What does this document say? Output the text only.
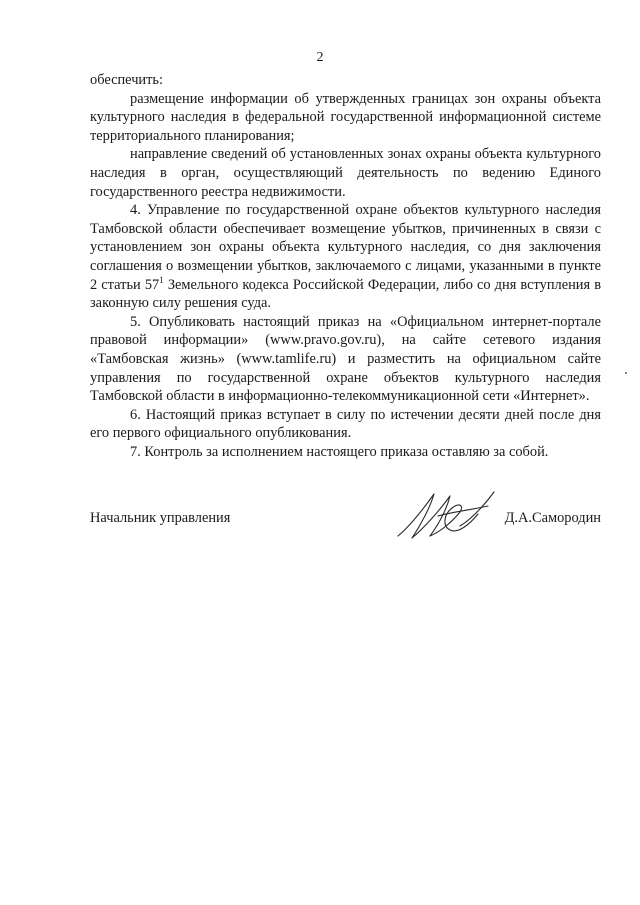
2

обеспечить:

размещение информации об утвержденных границах зон охраны объекта культурного наследия в федеральной государственной информационной системе территориального планирования;

направление сведений об установленных зонах охраны объекта культурного наследия в орган, осуществляющий деятельность по ведению Единого государственного реестра недвижимости.

4. Управление по государственной охране объектов культурного наследия Тамбовской области обеспечивает возмещение убытков, причиненных в связи с установлением зон охраны объекта культурного наследия, со дня заключения соглашения о возмещении убытков, заключаемого с лицами, указанными в пункте 2 статьи $57^1$ Земельного кодекса Российской Федерации, либо со дня вступления в законную силу решения суда.

5. Опубликовать настоящий приказ на «Официальном интернет-портале правовой информации» (www.pravo.gov.ru), на сайте сетевого издания «Тамбовская жизнь» (www.tamlife.ru) и разместить на официальном сайте управления по государственной охране объектов культурного наследия Тамбовской области в информационно-телекоммуникационной сети «Интернет».

6. Настоящий приказ вступает в силу по истечении десяти дней после дня его первого официального опубликования.

7. Контроль за исполнением настоящего приказа оставляю за собой.

Начальник управления	Д.А.Самородин
